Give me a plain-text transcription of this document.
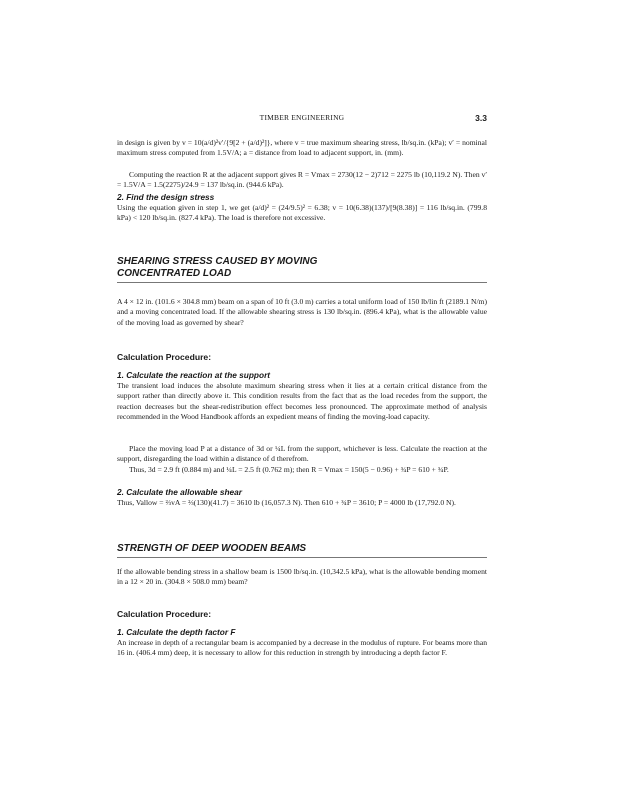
TIMBER ENGINEERING	3.3

in design is given by v = 10(a/d)²v′/{9[2 + (a/d)²]}, where v = true maximum shearing stress, lb/sq.in. (kPa); v′ = nominal maximum stress computed from 1.5V/A; a = distance from load to adjacent support, in. (mm).

Computing the reaction R at the adjacent support gives R = Vmax = 2730(12 − 2)712 = 2275 lb (10,119.2 N). Then v′ = 1.5V/A = 1.5(2275)/24.9 = 137 lb/sq.in. (944.6 kPa).

2. Find the design stress

Using the equation given in step 1, we get (a/d)² = (24/9.5)² = 6.38; v = 10(6.38)(137)/[9(8.38)] = 116 lb/sq.in. (799.8 kPa) < 120 lb/sq.in. (827.4 kPa). The load is therefore not excessive.

SHEARING STRESS CAUSED BY MOVING
CONCENTRATED LOAD

A 4 × 12 in. (101.6 × 304.8 mm) beam on a span of 10 ft (3.0 m) carries a total uniform load of 150 lb/lin ft (2189.1 N/m) and a moving concentrated load. If the allowable shearing stress is 130 lb/sq.in. (896.4 kPa), what is the allowable value of the moving load as governed by shear?

Calculation Procedure:
1. Calculate the reaction at the support

The transient load induces the absolute maximum shearing stress when it lies at a certain critical distance from the support rather than directly above it. This condition results from the fact that as the load recedes from the support, the reaction decreases but the shear-redistribution effect becomes less pronounced. The approximate method of analysis recommended in the Wood Handbook affords an expedient means of finding the moving-load capacity.

Place the moving load P at a distance of 3d or ¼L from the support, whichever is less. Calculate the reaction at the support, disregarding the load within a distance of d therefrom.

Thus, 3d = 2.9 ft (0.884 m) and ¼L = 2.5 ft (0.762 m); then R = Vmax = 150(5 − 0.96) + ¾P = 610 + ¾P.

2. Calculate the allowable shear

Thus, Vallow = ⅔vA = ⅔(130)(41.7) = 3610 lb (16,057.3 N). Then 610 + ¾P = 3610; P = 4000 lb (17,792.0 N).

STRENGTH OF DEEP WOODEN BEAMS

If the allowable bending stress in a shallow beam is 1500 lb/sq.in. (10,342.5 kPa), what is the allowable bending moment in a 12 × 20 in. (304.8 × 508.0 mm) beam?

Calculation Procedure:
1. Calculate the depth factor F

An increase in depth of a rectangular beam is accompanied by a decrease in the modulus of rupture. For beams more than 16 in. (406.4 mm) deep, it is necessary to allow for this reduction in strength by introducing a depth factor F.
